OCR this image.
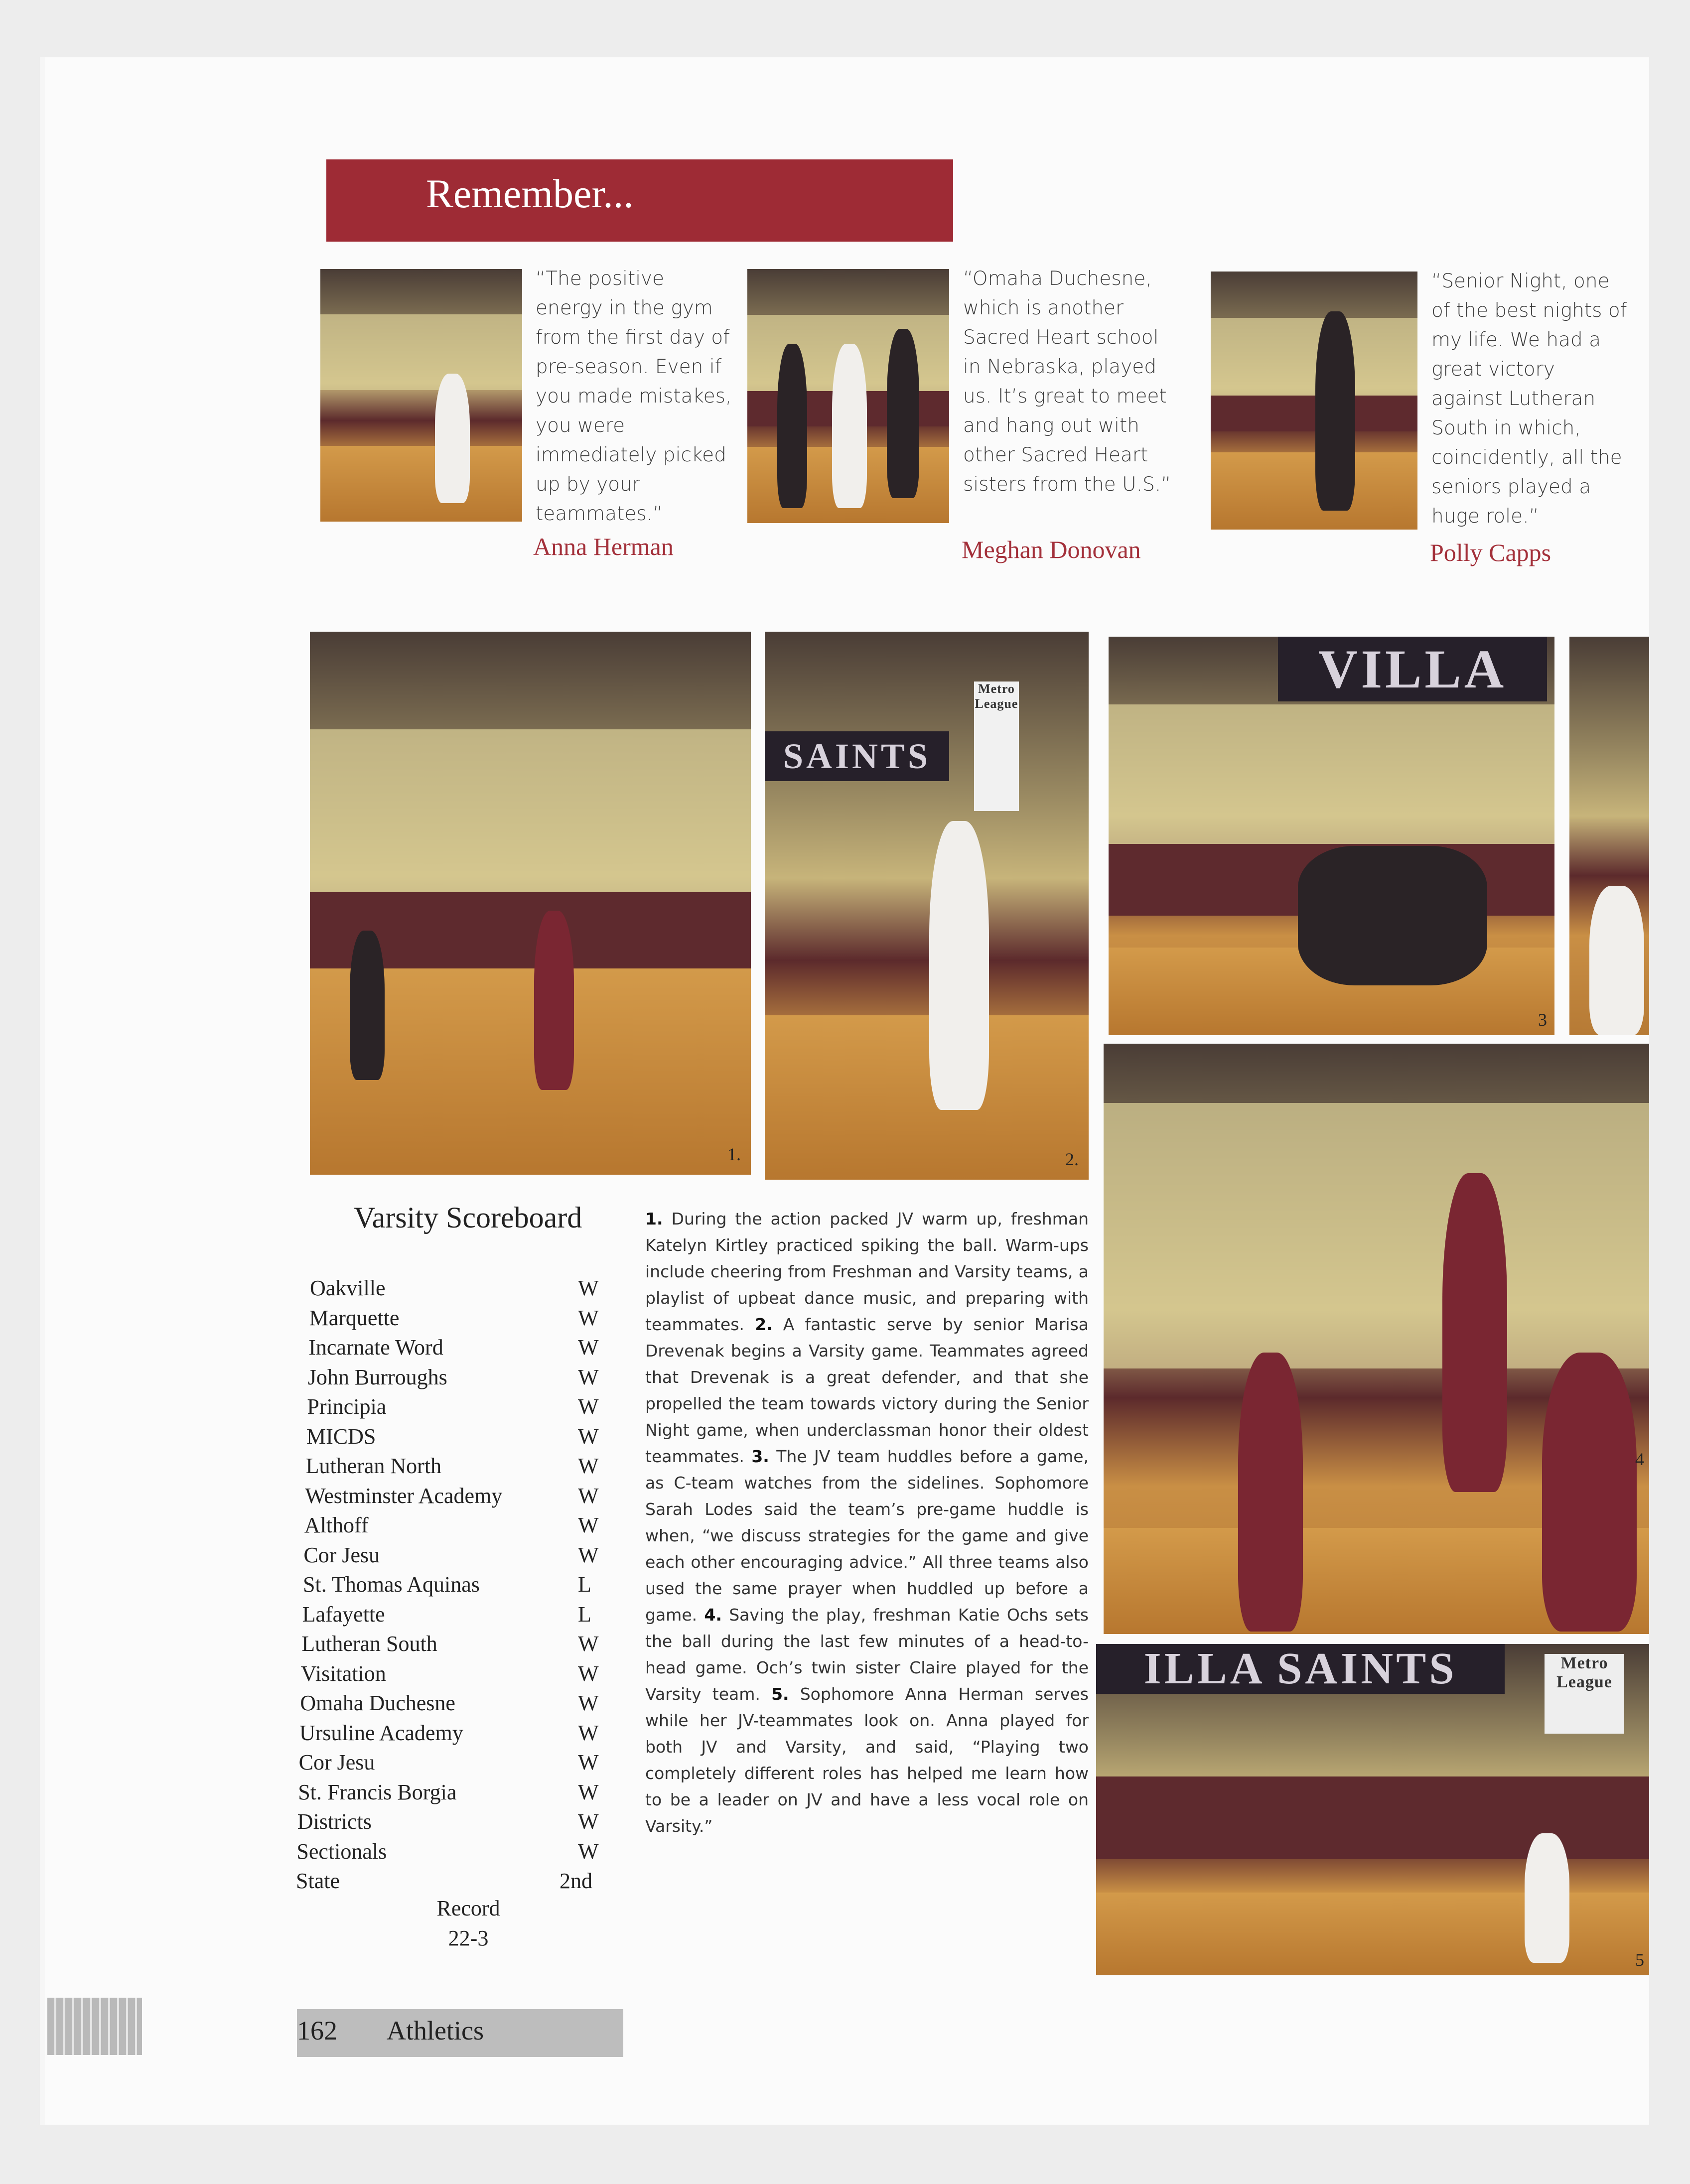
Remember...
“The positive energy in the gym from the first day of pre-season. Even if you made mistakes, you were immediately picked up by your teammates.”
Anna Herman
“Omaha Duchesne, which is another Sacred Heart school in Nebraska, played us. It’s great to meet and hang out with other Sacred Heart sisters from the U.S.”
Meghan Donovan
“Senior Night, one of the best nights of my life. We had a great victory against Lutheran South in which, coincidently, all the seniors played a huge role.”
Polly Capps
1.
SAINTS
Metro League
2.
VILLA
3
4
ILLA SAINTS	Metro League
5
Varsity Scoreboard
Oakville	W
Marquette	W
Incarnate Word	W
John Burroughs	W
Principia	W
MICDS	W
Lutheran North	W
Westminster Academy	W
Althoff	W
Cor Jesu	W
St. Thomas Aquinas	L
Lafayette	L
Lutheran South	W
Visitation	W
Omaha Duchesne	W
Ursuline Academy	W
Cor Jesu	W
St. Francis Borgia	W
Districts	W
Sectionals	W
State	2nd
Record
22-3
1. During the action packed JV warm up, freshman Katelyn Kirtley practiced spiking the ball. Warm-ups include cheering from Freshman and Varsity teams, a playlist of upbeat dance music, and preparing with teammates. 2. A fantastic serve by senior Marisa Drevenak begins a Varsity game. Teammates agreed that Drevenak is a great defender, and that she propelled the team towards victory during the Senior Night game, when underclassman honor their oldest teammates. 3. The JV team huddles before a game, as C-team watches from the sidelines. Sophomore Sarah Lodes said the team’s pre-game huddle is when, “we discuss strategies for the game and give each other encouraging advice.” All three teams also used the same prayer when huddled up before a game. 4. Saving the play, freshman Katie Ochs sets the ball during the last few minutes of a head-to-head game. Och’s twin sister Claire played for the Varsity team. 5. Sophomore Anna Herman serves while her JV-teammates look on. Anna played for both JV and Varsity, and said, “Playing two completely different roles has helped me learn how to be a leader on JV and have a less vocal role on Varsity.”
162 Athletics
